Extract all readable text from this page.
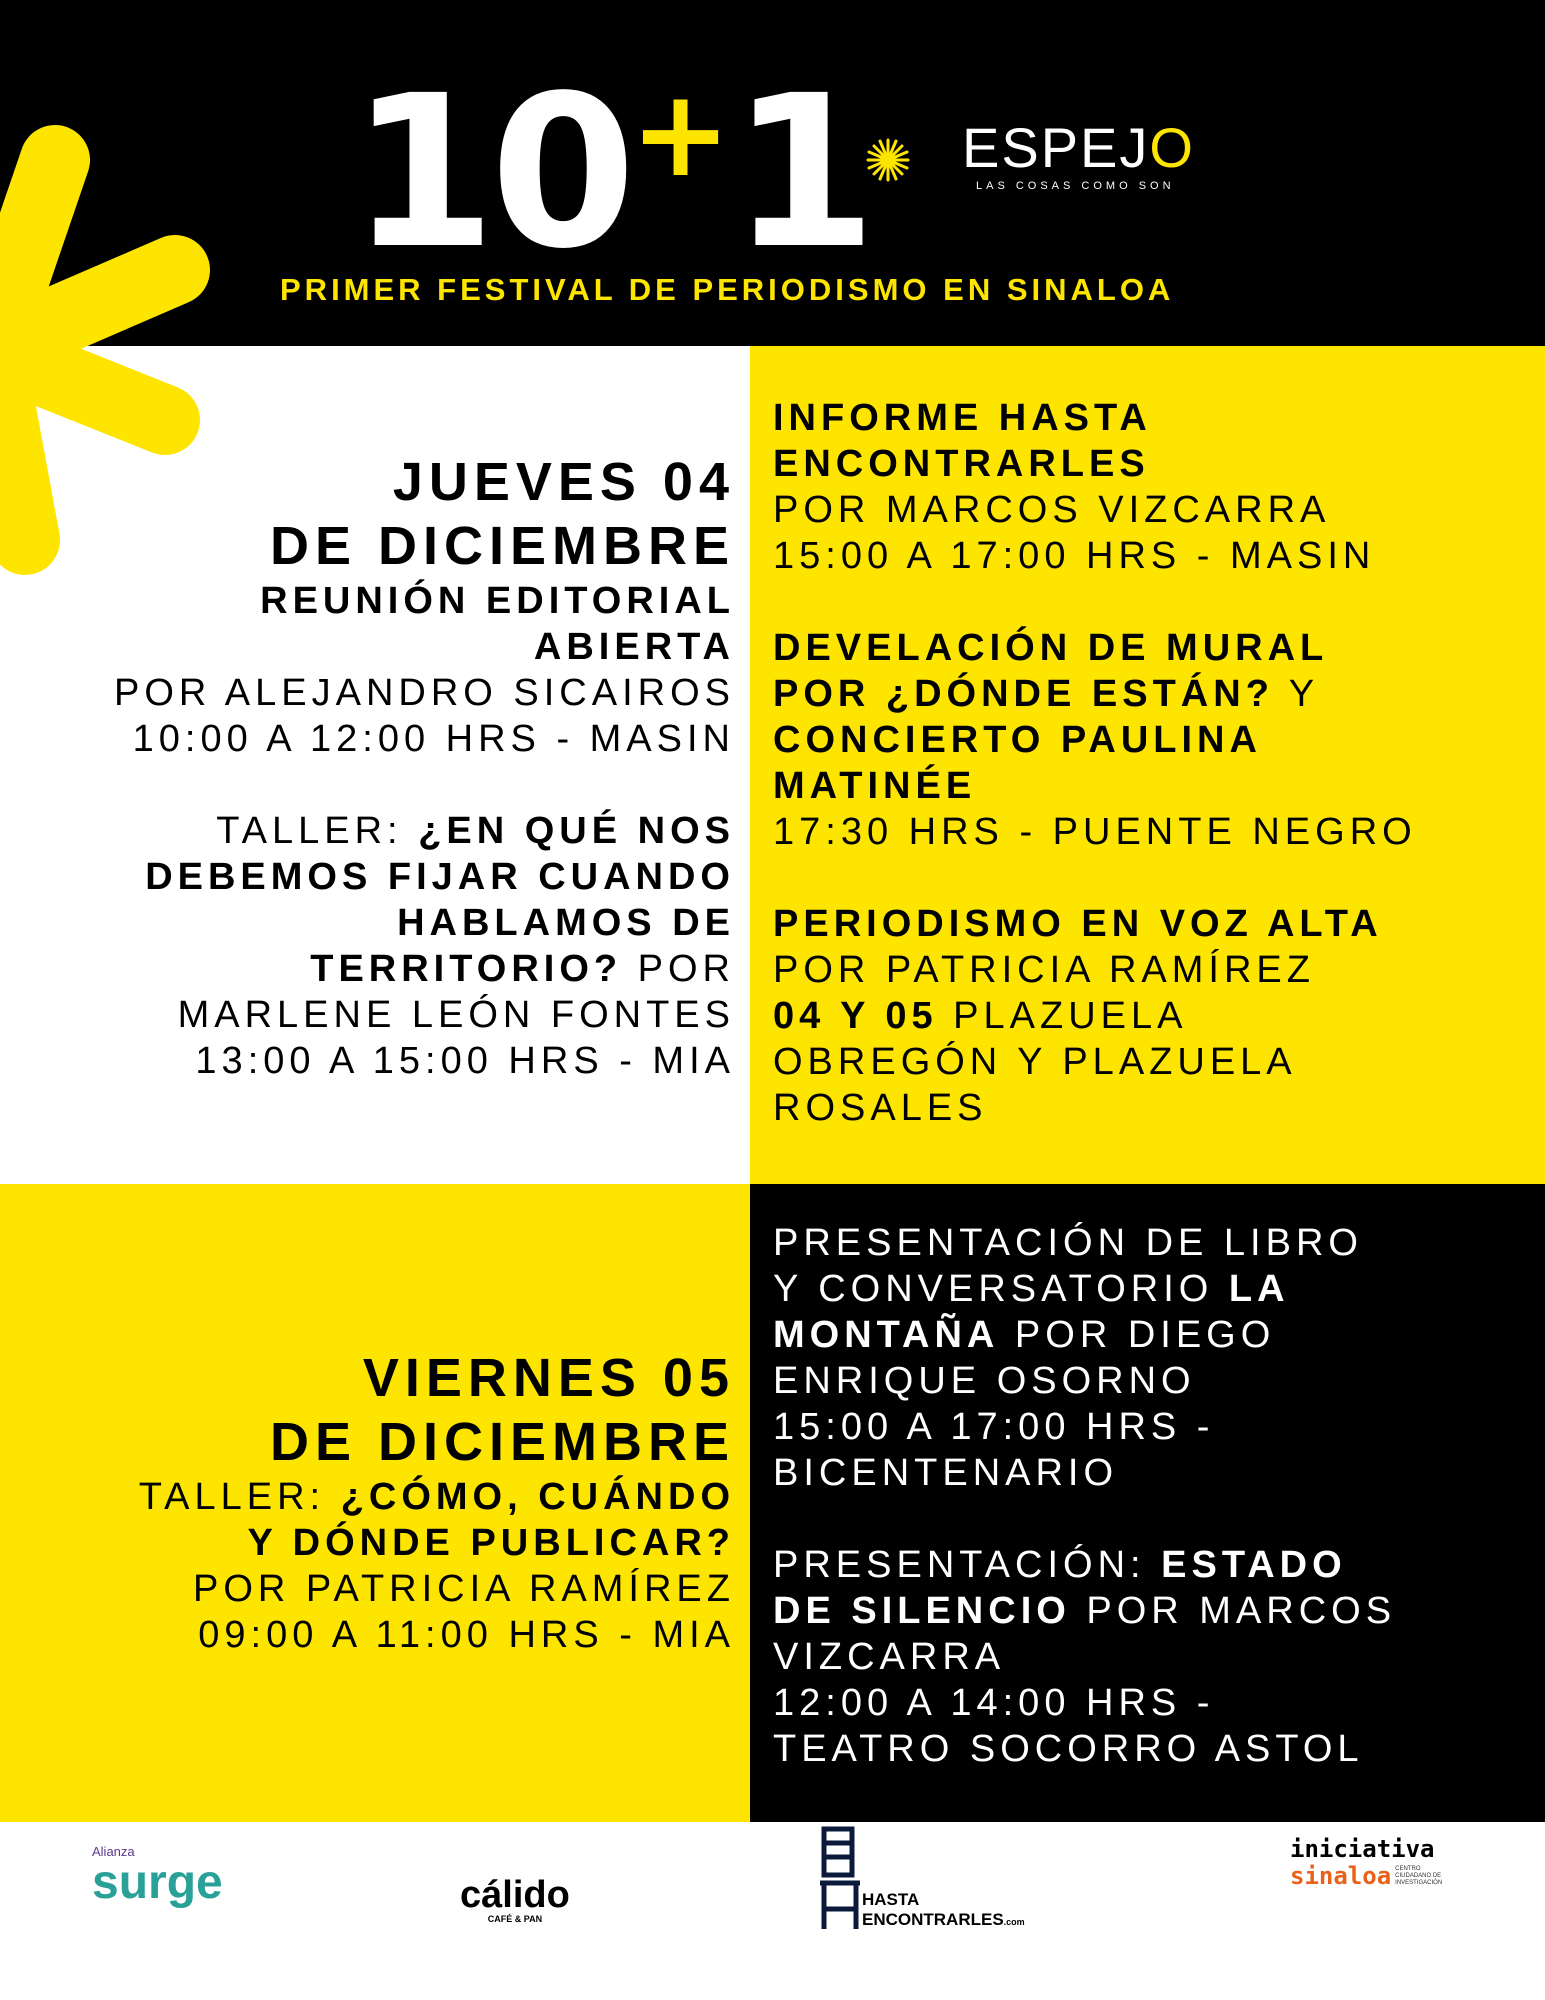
10+1 ESPEJO
LAS COSAS COMO SON
PRIMER FESTIVAL DE PERIODISMO EN SINALOA
JUEVES 04
DE DICIEMBRE
REUNIÓN EDITORIAL
ABIERTA
POR ALEJANDRO SICAIROS
10:00 A 12:00 HRS - MASIN
TALLER: ¿EN QUÉ NOS
DEBEMOS FIJAR CUANDO
HABLAMOS DE
TERRITORIO? POR
MARLENE LEÓN FONTES
13:00 A 15:00 HRS - MIA
INFORME HASTA
ENCONTRARLES
POR MARCOS VIZCARRA
15:00 A 17:00 HRS - MASIN
DEVELACIÓN DE MURAL
POR ¿DÓNDE ESTÁN? Y
CONCIERTO PAULINA
MATINÉE
17:30 HRS - PUENTE NEGRO
PERIODISMO EN VOZ ALTA
POR PATRICIA RAMÍREZ
04 Y 05 PLAZUELA
OBREGÓN Y PLAZUELA
ROSALES
VIERNES 05
DE DICIEMBRE
TALLER: ¿CÓMO, CUÁNDO
Y DÓNDE PUBLICAR?
POR PATRICIA RAMÍREZ
09:00 A 11:00 HRS - MIA
PRESENTACIÓN DE LIBRO
Y CONVERSATORIO LA
MONTAÑA POR DIEGO
ENRIQUE OSORNO
15:00 A 17:00 HRS -
BICENTENARIO
PRESENTACIÓN: ESTADO
DE SILENCIO POR MARCOS
VIZCARRA
12:00 A 14:00 HRS -
TEATRO SOCORRO ASTOL
Alianza
surge	cálido
CAFÉ & PAN
HASTA
ENCONTRARLES.com
iniciativa
sinaloa CENTRO CIUDADANO DE INVESTIGACIÓN
